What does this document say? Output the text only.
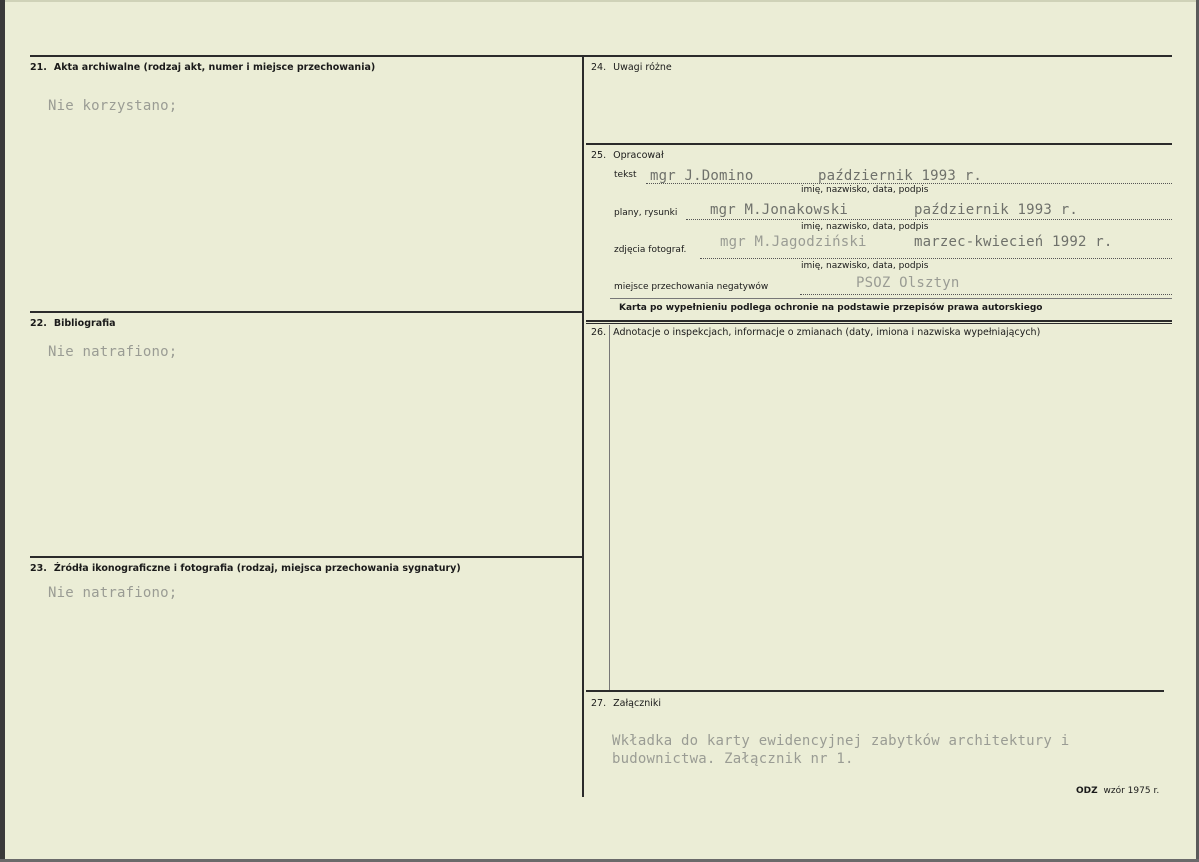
21. Akta archiwalne (rodzaj akt, numer i miejsce przechowania)
Nie korzystano;
22. Bibliografia
Nie natrafiono;
23. Źródła ikonograficzne i fotografia (rodzaj, miejsca przechowania sygnatury)
Nie natrafiono;
24. Uwagi różne
25. Opracował
tekst mgr J.Domino	październik 1993 r.
imię, nazwisko, data, podpis
plany, rysunki mgr M.Jonakowski	październik 1993 r.
imię, nazwisko, data, podpis
zdjęcia fotograf. mgr M.Jagodziński	marzec-kwiecień 1992 r.
imię, nazwisko, data, podpis
miejsce przechowania negatywów	PSOZ Olsztyn
Karta po wypełnieniu podlega ochronie na podstawie przepisów prawa autorskiego
26. Adnotacje o inspekcjach, informacje o zmianach (daty, imiona i nazwiska wypełniających)
27. Załączniki
Wkładka do karty ewidencyjnej zabytków architektury i
budownictwa. Załącznik nr 1.
ODZ wzór 1975 r.
